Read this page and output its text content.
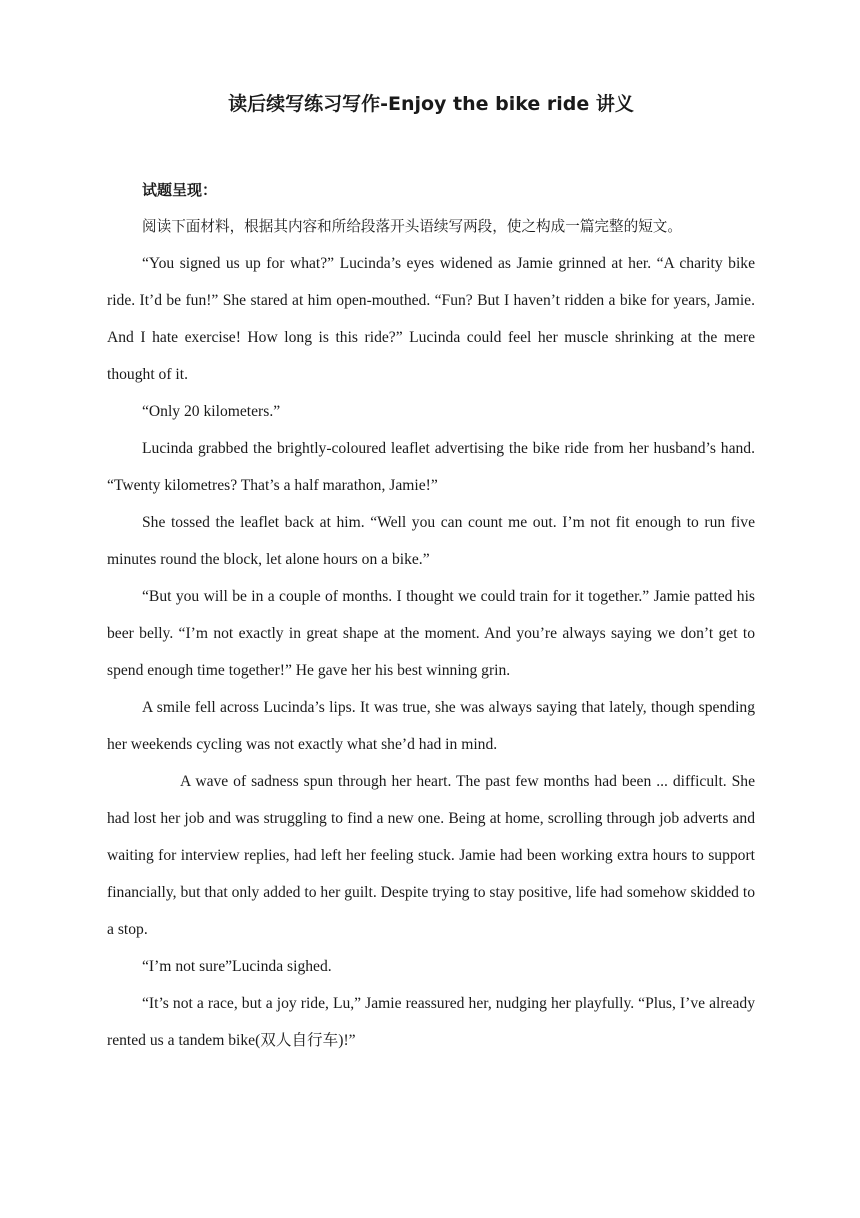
读后续写练习写作-Enjoy the bike ride 讲义
试题呈现：

阅读下面材料，根据其内容和所给段落开头语续写两段，使之构成一篇完整的短文。

“You signed us up for what?” Lucinda’s eyes widened as Jamie grinned at her. “A charity bike ride. It’d be fun!” She stared at him open-mouthed. “Fun? But I haven’t ridden a bike for years, Jamie. And I hate exercise! How long is this ride?” Lucinda could feel her muscle shrinking at the mere thought of it.

“Only 20 kilometers.”

Lucinda grabbed the brightly-coloured leaflet advertising the bike ride from her husband’s hand. “Twenty kilometres? That’s a half marathon, Jamie!”

She tossed the leaflet back at him. “Well you can count me out. I’m not fit enough to run five minutes round the block, let alone hours on a bike.”

“But you will be in a couple of months. I thought we could train for it together.” Jamie patted his beer belly. “I’m not exactly in great shape at the moment. And you’re always saying we don’t get to spend enough time together!” He gave her his best winning grin.

A smile fell across Lucinda’s lips. It was true, she was always saying that lately, though spending her weekends cycling was not exactly what she’d had in mind.

A wave of sadness spun through her heart. The past few months had been ... difficult. She had lost her job and was struggling to find a new one. Being at home, scrolling through job adverts and waiting for interview replies, had left her feeling stuck. Jamie had been working extra hours to support financially, but that only added to her guilt. Despite trying to stay positive, life had somehow skidded to a stop.

“I’m not sure”Lucinda sighed.

“It’s not a race, but a joy ride, Lu,” Jamie reassured her, nudging her playfully. “Plus, I’ve already rented us a tandem bike(双人自行车)!”
